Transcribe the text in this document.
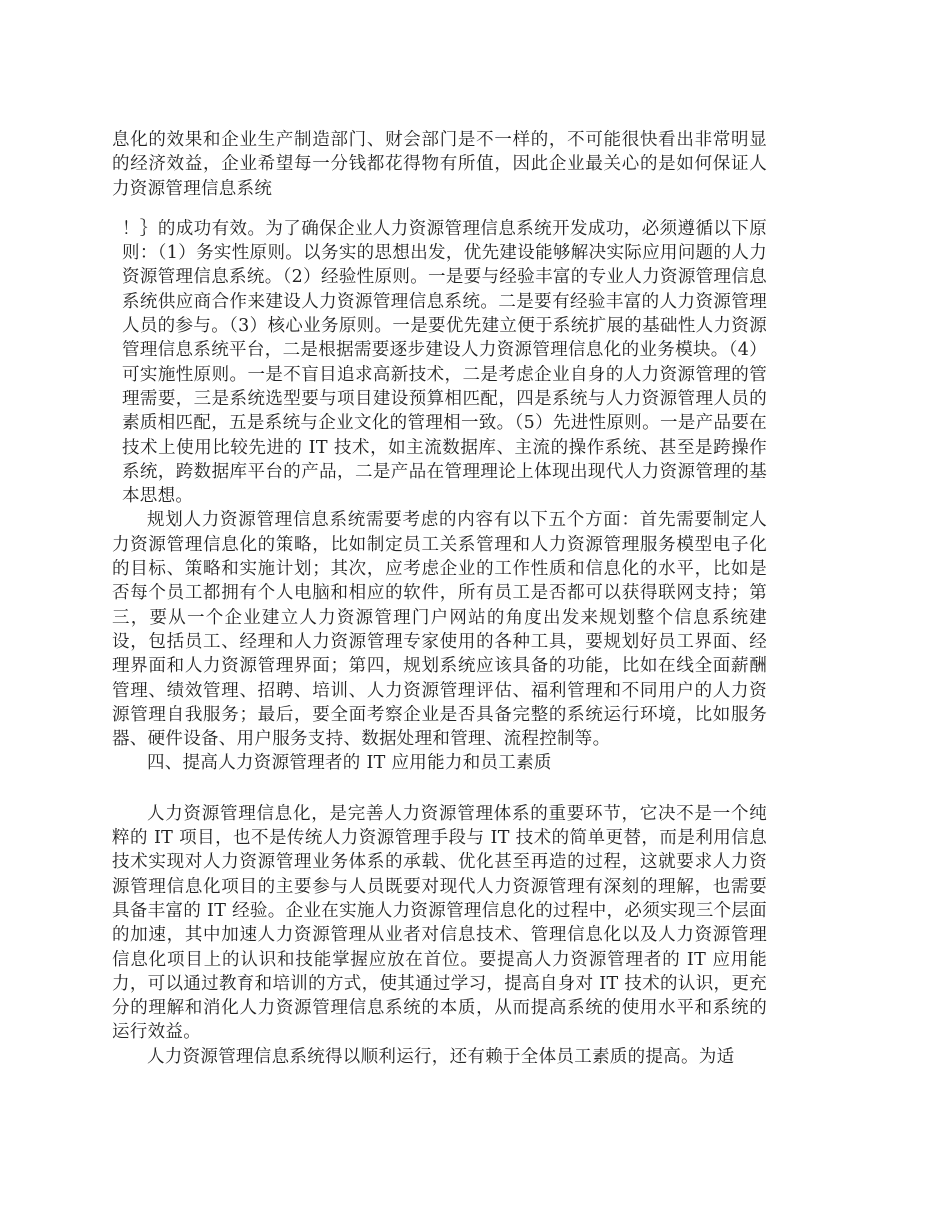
息化的效果和企业生产制造部门、财会部门是不一样的，不可能很快看出非常明显的经济效益，企业希望每一分钱都花得物有所值，因此企业最关心的是如何保证人力资源管理信息系统

！｝的成功有效。为了确保企业人力资源管理信息系统开发成功，必须遵循以下原则：（1）务实性原则。以务实的思想出发，优先建设能够解决实际应用问题的人力资源管理信息系统。（2）经验性原则。一是要与经验丰富的专业人力资源管理信息系统供应商合作来建设人力资源管理信息系统。二是要有经验丰富的人力资源管理人员的参与。（3）核心业务原则。一是要优先建立便于系统扩展的基础性人力资源管理信息系统平台，二是根据需要逐步建设人力资源管理信息化的业务模块。（4）可实施性原则。一是不盲目追求高新技术，二是考虑企业自身的人力资源管理的管理需要，三是系统选型要与项目建设预算相匹配，四是系统与人力资源管理人员的素质相匹配，五是系统与企业文化的管理相一致。（5）先进性原则。一是产品要在技术上使用比较先进的 IT 技术，如主流数据库、主流的操作系统、甚至是跨操作系统，跨数据库平台的产品，二是产品在管理理论上体现出现代人力资源管理的基本思想。

规划人力资源管理信息系统需要考虑的内容有以下五个方面：首先需要制定人力资源管理信息化的策略，比如制定员工关系管理和人力资源管理服务模型电子化的目标、策略和实施计划；其次，应考虑企业的工作性质和信息化的水平，比如是否每个员工都拥有个人电脑和相应的软件，所有员工是否都可以获得联网支持；第三，要从一个企业建立人力资源管理门户网站的角度出发来规划整个信息系统建设，包括员工、经理和人力资源管理专家使用的各种工具，要规划好员工界面、经理界面和人力资源管理界面；第四，规划系统应该具备的功能，比如在线全面薪酬管理、绩效管理、招聘、培训、人力资源管理评估、福利管理和不同用户的人力资源管理自我服务；最后，要全面考察企业是否具备完整的系统运行环境，比如服务器、硬件设备、用户服务支持、数据处理和管理、流程控制等。

四、提高人力资源管理者的 IT 应用能力和员工素质

人力资源管理信息化，是完善人力资源管理体系的重要环节，它决不是一个纯粹的 IT 项目，也不是传统人力资源管理手段与 IT 技术的简单更替，而是利用信息技术实现对人力资源管理业务体系的承载、优化甚至再造的过程，这就要求人力资源管理信息化项目的主要参与人员既要对现代人力资源管理有深刻的理解，也需要具备丰富的 IT 经验。企业在实施人力资源管理信息化的过程中，必须实现三个层面的加速，其中加速人力资源管理从业者对信息技术、管理信息化以及人力资源管理信息化项目上的认识和技能掌握应放在首位。要提高人力资源管理者的 IT 应用能力，可以通过教育和培训的方式，使其通过学习，提高自身对 IT 技术的认识，更充分的理解和消化人力资源管理信息系统的本质，从而提高系统的使用水平和系统的运行效益。

人力资源管理信息系统得以顺利运行，还有赖于全体员工素质的提高。为适
